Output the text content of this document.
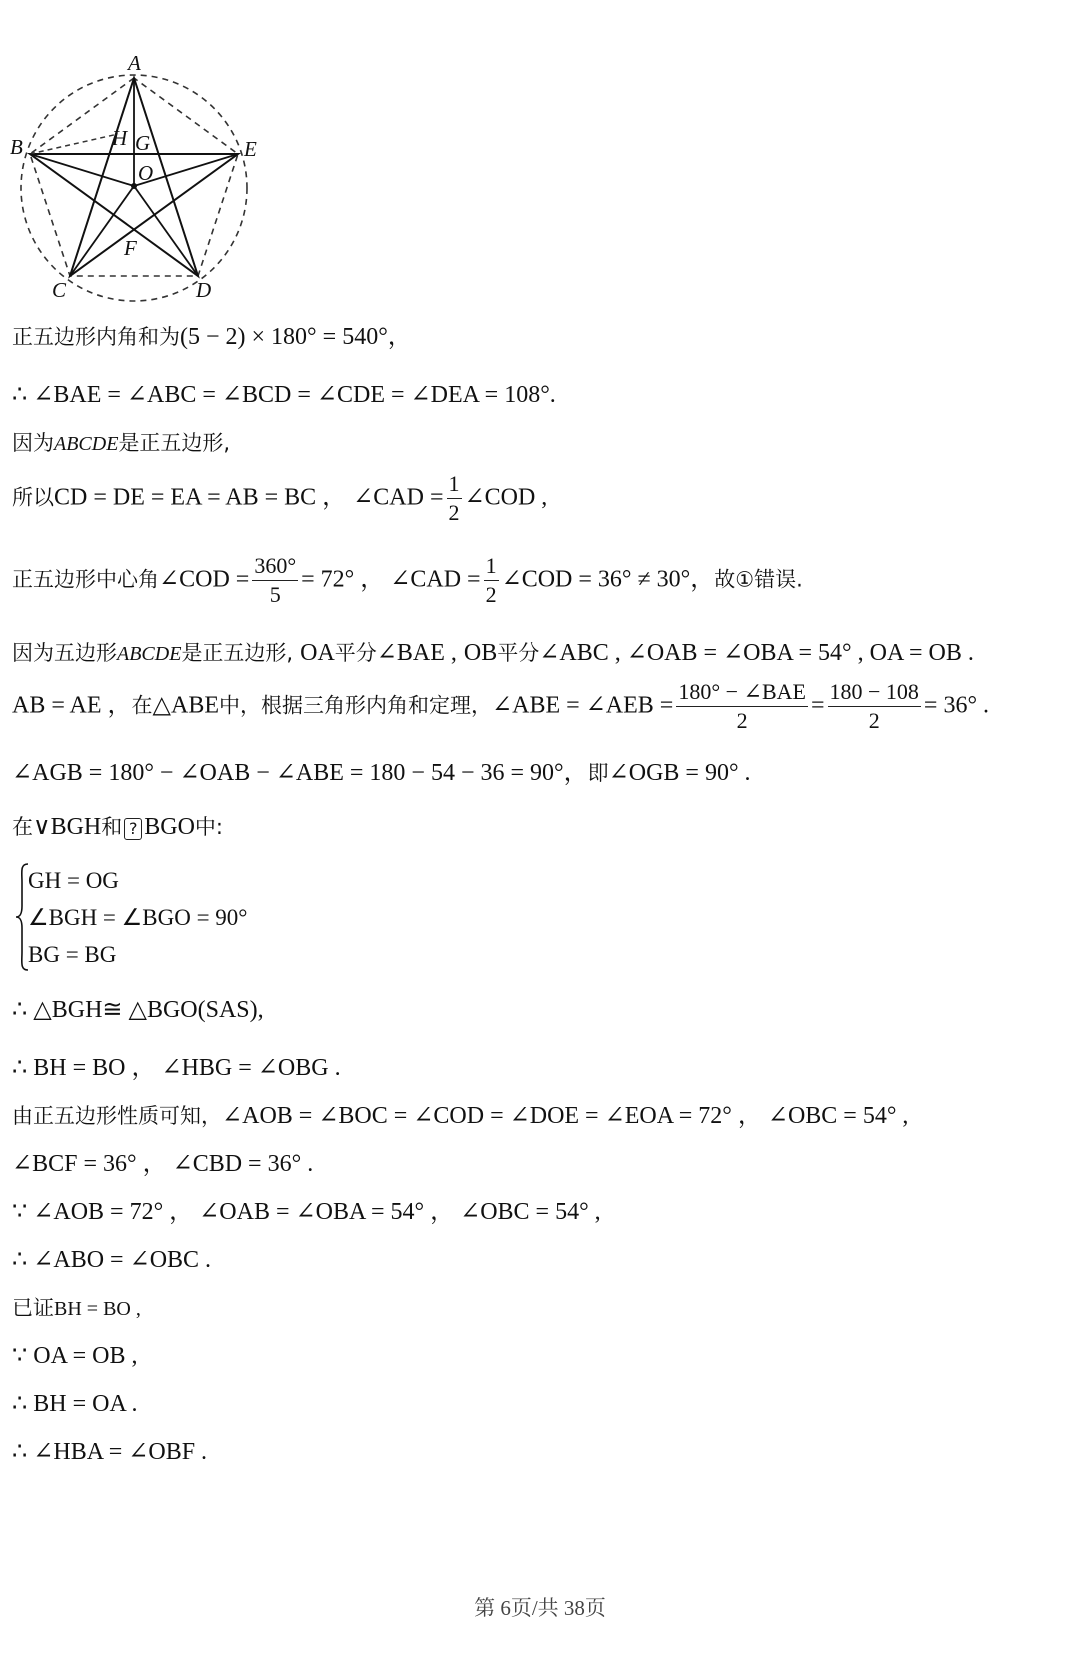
A
B	E
H G
O
F
C	D
正五边形内角和为(5 − 2) × 180° = 540°，
∴ ∠BAE = ∠ABC = ∠BCD = ∠CDE = ∠DEA = 108°.
因为ABCDE是正五边形,
所以CD = DE = EA = AB = BC ， ∠CAD = $\frac{1}{2}$ ∠COD ,
正五边形中心角∠COD = $\frac{360^\circ}{5} = 72^\circ$ ， ∠CAD = $\frac{1}{2}$ ∠COD = 36° ≠ 30°，故①错误.
因为五边形ABCDE是正五边形, OA平分∠BAE , OB平分∠ABC , ∠OAB = ∠OBA = 54° , OA = OB .
AB = AE ，在△ABE中，根据三角形内角和定理，∠ABE = ∠AEB = $\frac{\text{180° − ∠BAE}}{2} = \frac{180 - 108}{2} = 36^\circ$ .
∠AGB = 180° − ∠OAB − ∠ABE = 180 − 54 − 36 = 90°，即∠OGB = 90° .
在∨BGH和 ? BGO中:
GH = OG
∠BGH = ∠BGO = 90°
BG = BG
∴ △BGH≅ △BGO(SAS),
∴ BH = BO ， ∠HBG = ∠OBG .
由正五边形性质可知，∠AOB = ∠BOC = ∠COD = ∠DOE = ∠EOA = 72° ， ∠OBC = 54° ,
∠BCF = 36° ， ∠CBD = 36° .
∵ ∠AOB = 72° ， ∠OAB = ∠OBA = 54° ， ∠OBC = 54° ,
∴ ∠ABO = ∠OBC .
已证BH = BO ,
∵ OA = OB ,
∴ BH = OA .
∴ ∠HBA = ∠OBF .
第 6页/共 38页
